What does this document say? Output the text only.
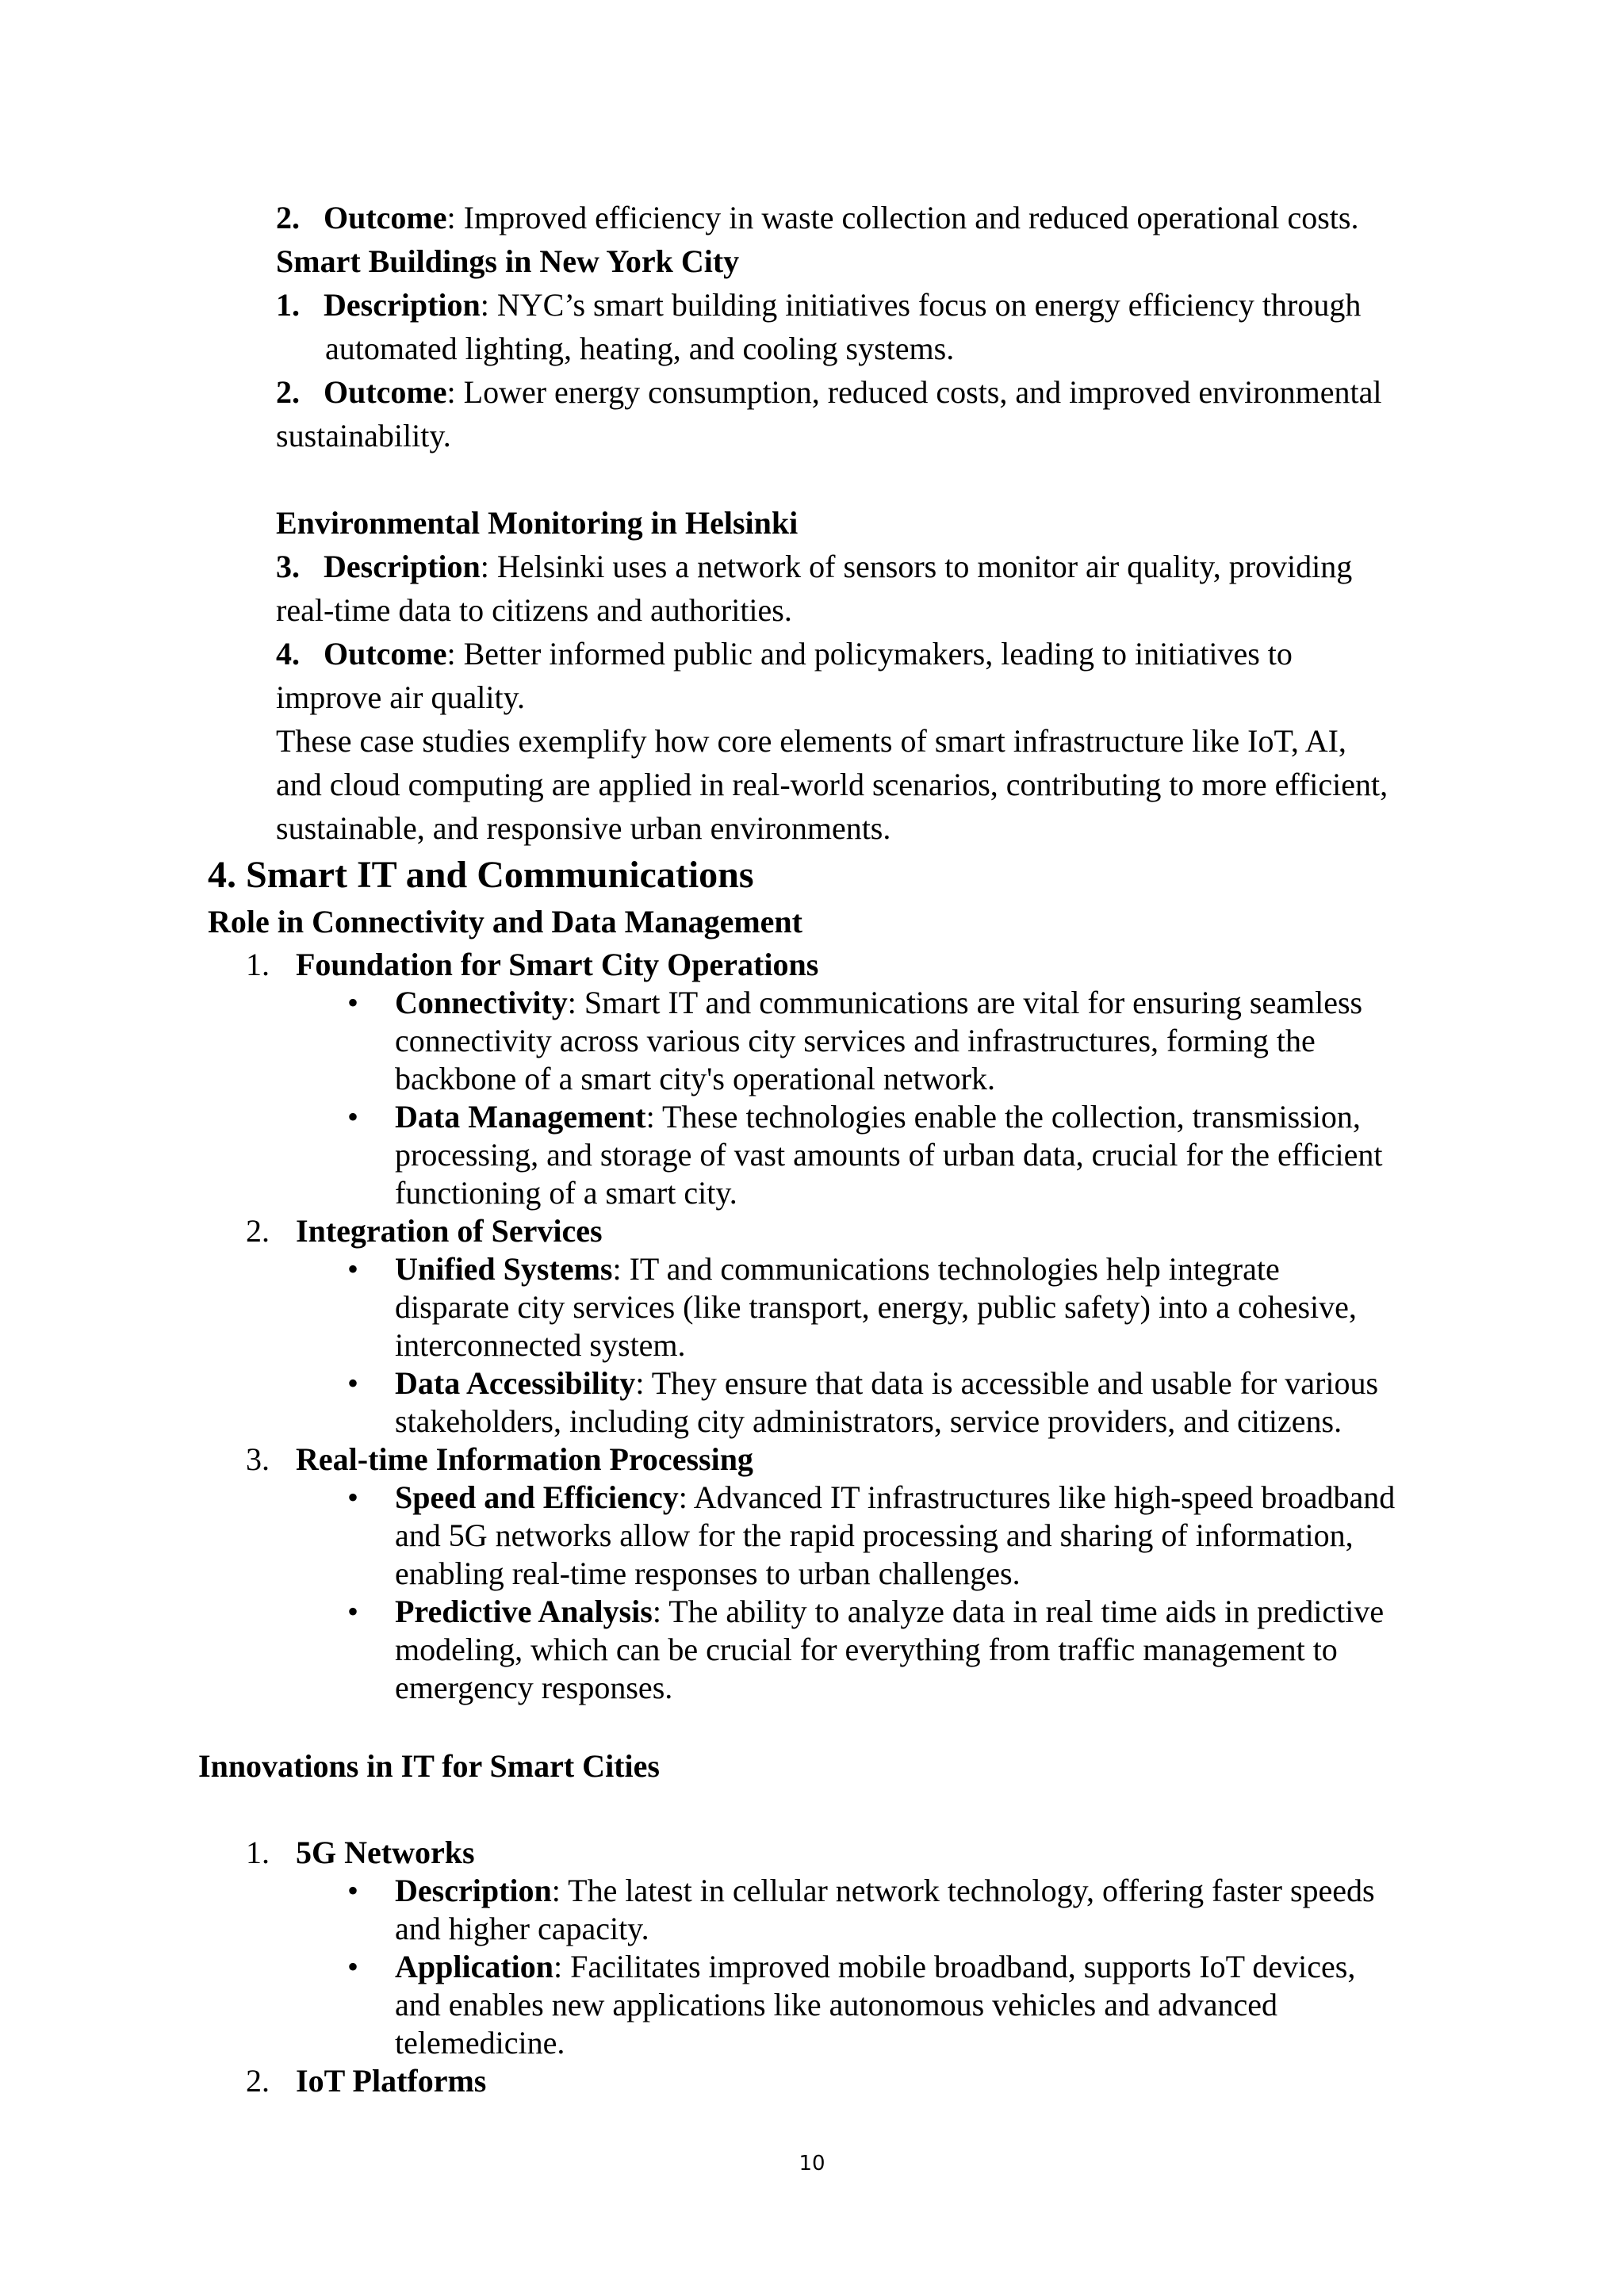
2. Outcome: Improved efficiency in waste collection and reduced operational costs.
Smart Buildings in New York City
1. Description: NYC’s smart building initiatives focus on energy efficiency through
automated lighting, heating, and cooling systems.
2. Outcome: Lower energy consumption, reduced costs, and improved environmental
sustainability.
Environmental Monitoring in Helsinki
3. Description: Helsinki uses a network of sensors to monitor air quality, providing
real-time data to citizens and authorities.
4. Outcome: Better informed public and policymakers, leading to initiatives to
improve air quality.
These case studies exemplify how core elements of smart infrastructure like IoT, AI,
and cloud computing are applied in real-world scenarios, contributing to more efficient,
sustainable, and responsive urban environments.
4. Smart IT and Communications
Role in Connectivity and Data Management
1. Foundation for Smart City Operations
• Connectivity: Smart IT and communications are vital for ensuring seamless
connectivity across various city services and infrastructures, forming the
backbone of a smart city's operational network.
• Data Management: These technologies enable the collection, transmission,
processing, and storage of vast amounts of urban data, crucial for the efficient
functioning of a smart city.
2. Integration of Services
• Unified Systems: IT and communications technologies help integrate
disparate city services (like transport, energy, public safety) into a cohesive,
interconnected system.
• Data Accessibility: They ensure that data is accessible and usable for various
stakeholders, including city administrators, service providers, and citizens.
3. Real-time Information Processing
• Speed and Efficiency: Advanced IT infrastructures like high-speed broadband
and 5G networks allow for the rapid processing and sharing of information,
enabling real-time responses to urban challenges.
• Predictive Analysis: The ability to analyze data in real time aids in predictive
modeling, which can be crucial for everything from traffic management to
emergency responses.
Innovations in IT for Smart Cities
1. 5G Networks
• Description: The latest in cellular network technology, offering faster speeds
and higher capacity.
• Application: Facilitates improved mobile broadband, supports IoT devices,
and enables new applications like autonomous vehicles and advanced
telemedicine.
2. IoT Platforms
10
